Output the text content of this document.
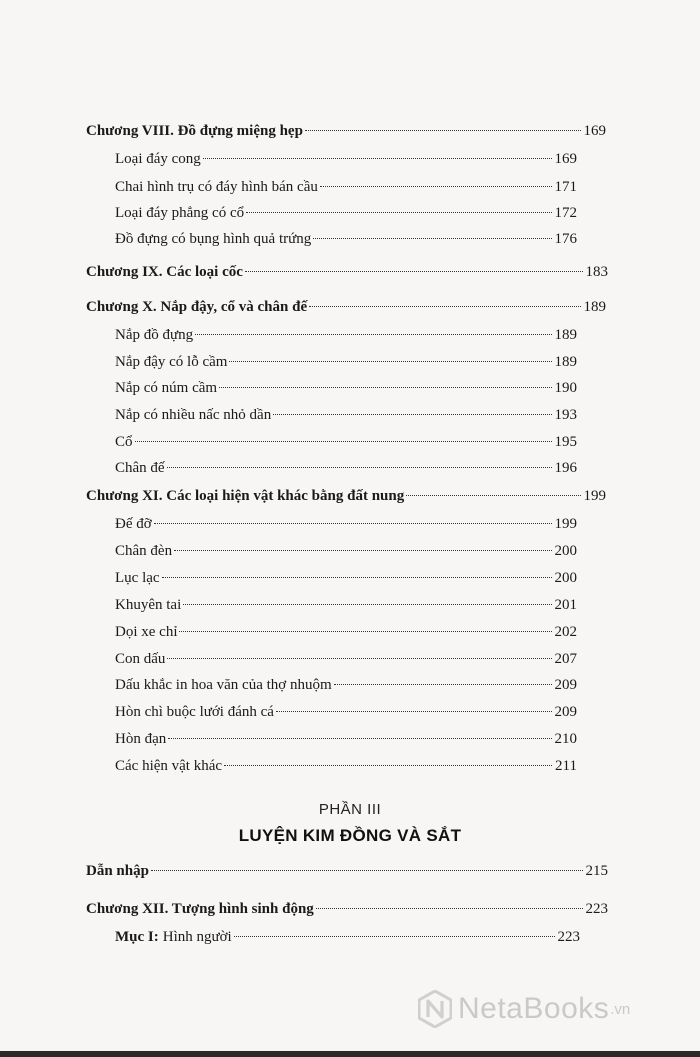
Chương VIII. Đồ đựng miệng hẹp	169
Loại đáy cong	169
Chai hình trụ có đáy hình bán cầu	171
Loại đáy phẳng có cổ	172
Đồ đựng có bụng hình quả trứng	176
Chương IX. Các loại cốc	183
Chương X. Nắp đậy, cổ và chân đế	189
Nắp đồ đựng	189
Nắp đậy có lỗ cầm	189
Nắp có núm cầm	190
Nắp có nhiều nấc nhỏ dần	193
Cổ	195
Chân đế	196
Chương XI. Các loại hiện vật khác bằng đất nung	199
Đế đỡ	199
Chân đèn	200
Lục lạc	200
Khuyên tai	201
Dọi xe chỉ	202
Con dấu	207
Dấu khắc in hoa văn của thợ nhuộm	209
Hòn chì buộc lưới đánh cá	209
Hòn đạn	210
Các hiện vật khác	211
PHẦN III
LUYỆN KIM ĐỒNG VÀ SẮT
Dẫn nhập	215
Chương XII. Tượng hình sinh động	223
Mục I: Hình người	223
NetaBooks .vn
